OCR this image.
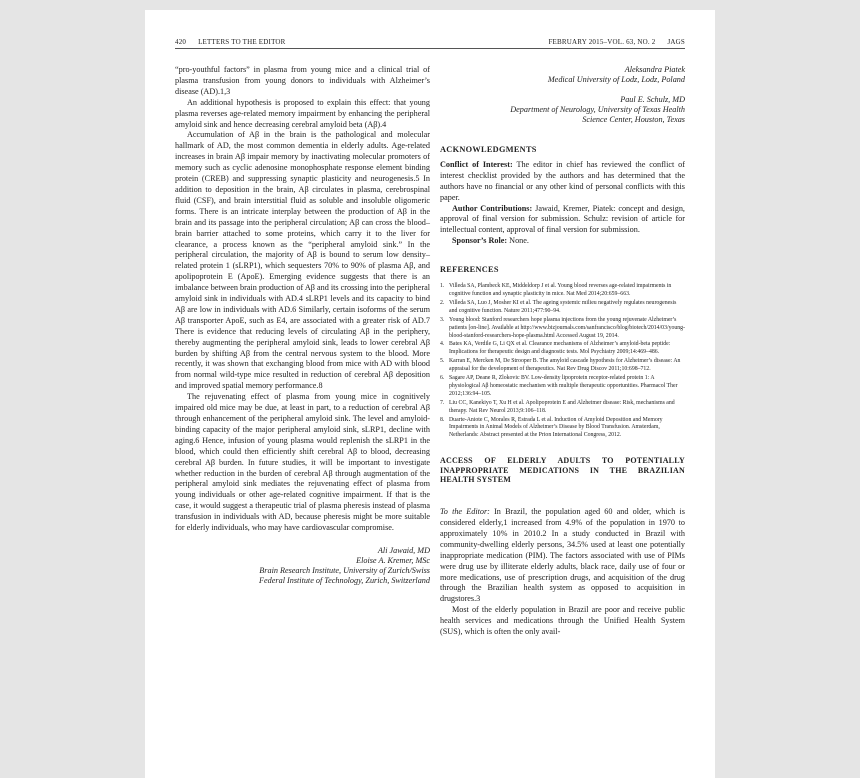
420 LETTERS TO THE EDITOR	FEBRUARY 2015–VOL. 63, NO. 2 JAGS

“pro-youthful factors” in plasma from young mice and a clinical trial of plasma transfusion from young donors to individuals with Alzheimer’s disease (AD).1,3

An additional hypothesis is proposed to explain this effect: that young plasma reverses age-related memory impairment by enhancing the peripheral amyloid sink and hence decreasing cerebral amyloid beta (Aβ).4

Accumulation of Aβ in the brain is the pathological and molecular hallmark of AD, the most common dementia in elderly adults. Age-related increases in brain Aβ impair memory by inactivating molecular promoters of memory such as cyclic adenosine monophosphate response element binding protein (CREB) and suppressing synaptic plasticity and neurogenesis.5 In addition to deposition in the brain, Aβ circulates in plasma, cerebrospinal fluid (CSF), and brain interstitial fluid as soluble and insoluble oligomeric forms. There is an intricate interplay between the production of Aβ in the brain and its passage into the peripheral circulation; Aβ can cross the blood–brain barrier attached to some proteins, which carry it to the liver for clearance, a process known as the “peripheral amyloid sink.” In the peripheral circulation, the majority of Aβ is bound to serum low density–related protein 1 (sLRP1), which sequesters 70% to 90% of plasma Aβ, and apolipoprotein E (ApoE). Emerging evidence suggests that there is an imbalance between brain production of Aβ and its crossing into the peripheral amyloid sink in individuals with AD.4 sLRP1 levels and its capacity to bind Aβ are low in individuals with AD.6 Similarly, certain isoforms of the serum Aβ transporter ApoE, such as E4, are associated with a greater risk of AD.7 There is evidence that reducing levels of circulating Aβ in the periphery, thereby augmenting the peripheral amyloid sink, leads to lower cerebral Aβ burden by shifting Aβ from the central nervous system to the blood. More recently, it was shown that exchanging blood from mice with AD with blood from normal wild-type mice resulted in reduction of cerebral Aβ deposition and improved spatial memory performance.8

The rejuvenating effect of plasma from young mice in cognitively impaired old mice may be due, at least in part, to a reduction of cerebral Aβ through enhancement of the peripheral amyloid sink. The level and amyloid-binding capacity of the major peripheral amyloid sink, sLRP1, decline with aging.6 Hence, infusion of young plasma would replenish the sLRP1 in the blood, which could then efficiently shift cerebral Aβ to blood, decreasing cerebral Aβ burden. In future studies, it will be important to investigate whether reduction in the burden of cerebral Aβ through augmentation of the peripheral amyloid sink mediates the rejuvenating effect of plasma from young individuals or other age-related cognitive impairment. If that is the case, it would suggest a therapeutic trial of plasma pheresis instead of plasma transfusion in individuals with AD, because pheresis might be more suitable for elderly individuals, who may have cardiovascular compromise.

Ali Jawaid, MD
Eloise A. Kremer, MSc
Brain Research Institute, University of Zurich/Swiss
Federal Institute of Technology, Zurich, Switzerland
Aleksandra Piatek
Medical University of Lodz, Lodz, Poland
Paul E. Schulz, MD
Department of Neurology, University of Texas Health
Science Center, Houston, Texas
ACKNOWLEDGMENTS

Conflict of Interest: The editor in chief has reviewed the conflict of interest checklist provided by the authors and has determined that the authors have no financial or any other kind of personal conflicts with this paper.

Author Contributions: Jawaid, Kremer, Piatek: concept and design, approval of final version for submission. Schulz: revision of article for intellectual content, approval of final version for submission.

Sponsor’s Role: None.

REFERENCES
1. Villeda SA, Plambeck KE, Middeldorp J et al. Young blood reverses age-related impairments in cognitive function and synaptic plasticity in mice. Nat Med 2014;20:659–663.
2. Villeda SA, Luo J, Mosher KI et al. The ageing systemic milieu negatively regulates neurogenesis and cognitive function. Nature 2011;477:90–94.
3. Young blood: Stanford researchers hope plasma injections from the young rejuvenate Alzheimer’s patients [on-line]. Available at http://www.bizjournals.com/sanfrancisco/blog/biotech/2014/03/young-blood-stanford-researchers-hope-plasma.html Accessed August 19, 2014.
4. Bates KA, Verdile G, Li QX et al. Clearance mechanisms of Alzheimer’s amyloid-beta peptide: Implications for therapeutic design and diagnostic tests. Mol Psychiatry 2009;14:469–486.
5. Karran E, Mercken M, De Strooper B. The amyloid cascade hypothesis for Alzheimer’s disease: An appraisal for the development of therapeutics. Nat Rev Drug Discov 2011;10:698–712.
6. Sagare AP, Deane R, Zlokovic BV. Low-density lipoprotein receptor-related protein 1: A physiological Aβ homeostatic mechanism with multiple therapeutic opportunities. Pharmacol Ther 2012;136:94–105.
7. Liu CC, Kanekiyo T, Xu H et al. Apolipoprotein E and Alzheimer disease: Risk, mechanisms and therapy. Nat Rev Neurol 2013;9:106–118.
8. Duarte-Aniote C, Morales R, Estrada L et al. Induction of Amyloid Deposition and Memory Impairments in Animal Models of Alzheimer’s Disease by Blood Transfusion. Amsterdam, Netherlands: Abstract presented at the Prion International Congress, 2012.
ACCESS OF ELDERLY ADULTS TO POTENTIALLY INAPPROPRIATE MEDICATIONS IN THE BRAZILIAN HEALTH SYSTEM

To the Editor: In Brazil, the population aged 60 and older, which is considered elderly,1 increased from 4.9% of the population in 1970 to approximately 10% in 2010.2 In a study conducted in Brazil with community-dwelling elderly persons, 34.5% used at least one potentially inappropriate medication (PIM). The factors associated with use of PIMs were drug use by illiterate elderly adults, black race, daily use of four or more medications, use of prescription drugs, and acquisition of the drug through the Brazilian health system as opposed to acquisition in drugstores.3

Most of the elderly population in Brazil are poor and receive public health services and medications through the Unified Health System (SUS), which is often the only avail-
